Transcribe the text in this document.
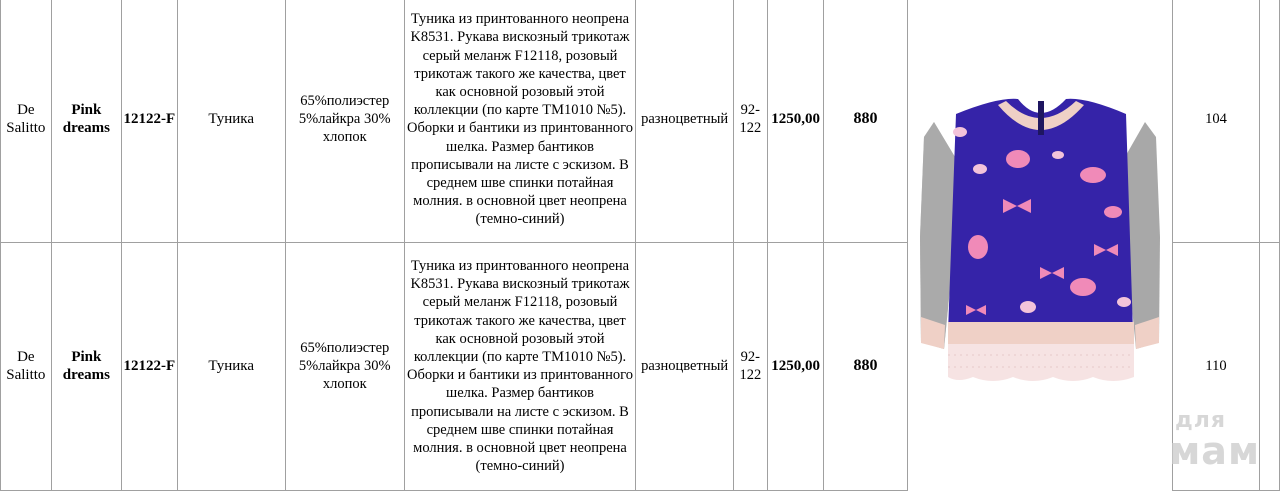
De Salitto	Pink dreams	12122-F	Туника	65%полиэстер 5%лайкра 30% хлопок	Туника из принтованного неопрена K8531. Рукава вискозный трикотаж серый меланж F12118, розовый трикотаж такого же качества, цвет как основной розовый этой коллекции (по карте TM1010 №5). Оборки и бантики из принтованного шелка. Размер бантиков прописывали на листе с эскизом. В среднем шве спинки потайная молния. в основной цвет неопрена (темно-синий)	разноцветный	92-122	1250,00	880		104	
De Salitto	Pink dreams	12122-F	Туника	65%полиэстер 5%лайкра 30% хлопок	Туника из принтованного неопрена K8531. Рукава вискозный трикотаж серый меланж F12118, розовый трикотаж такого же качества, цвет как основной розовый этой коллекции (по карте TM1010 №5). Оборки и бантики из принтованного шелка. Размер бантиков прописывали на листе с эскизом. В среднем шве спинки потайная молния. в основной цвет неопрена (темно-синий)	разноцветный	92-122	1250,00	880		110	
для
мам
